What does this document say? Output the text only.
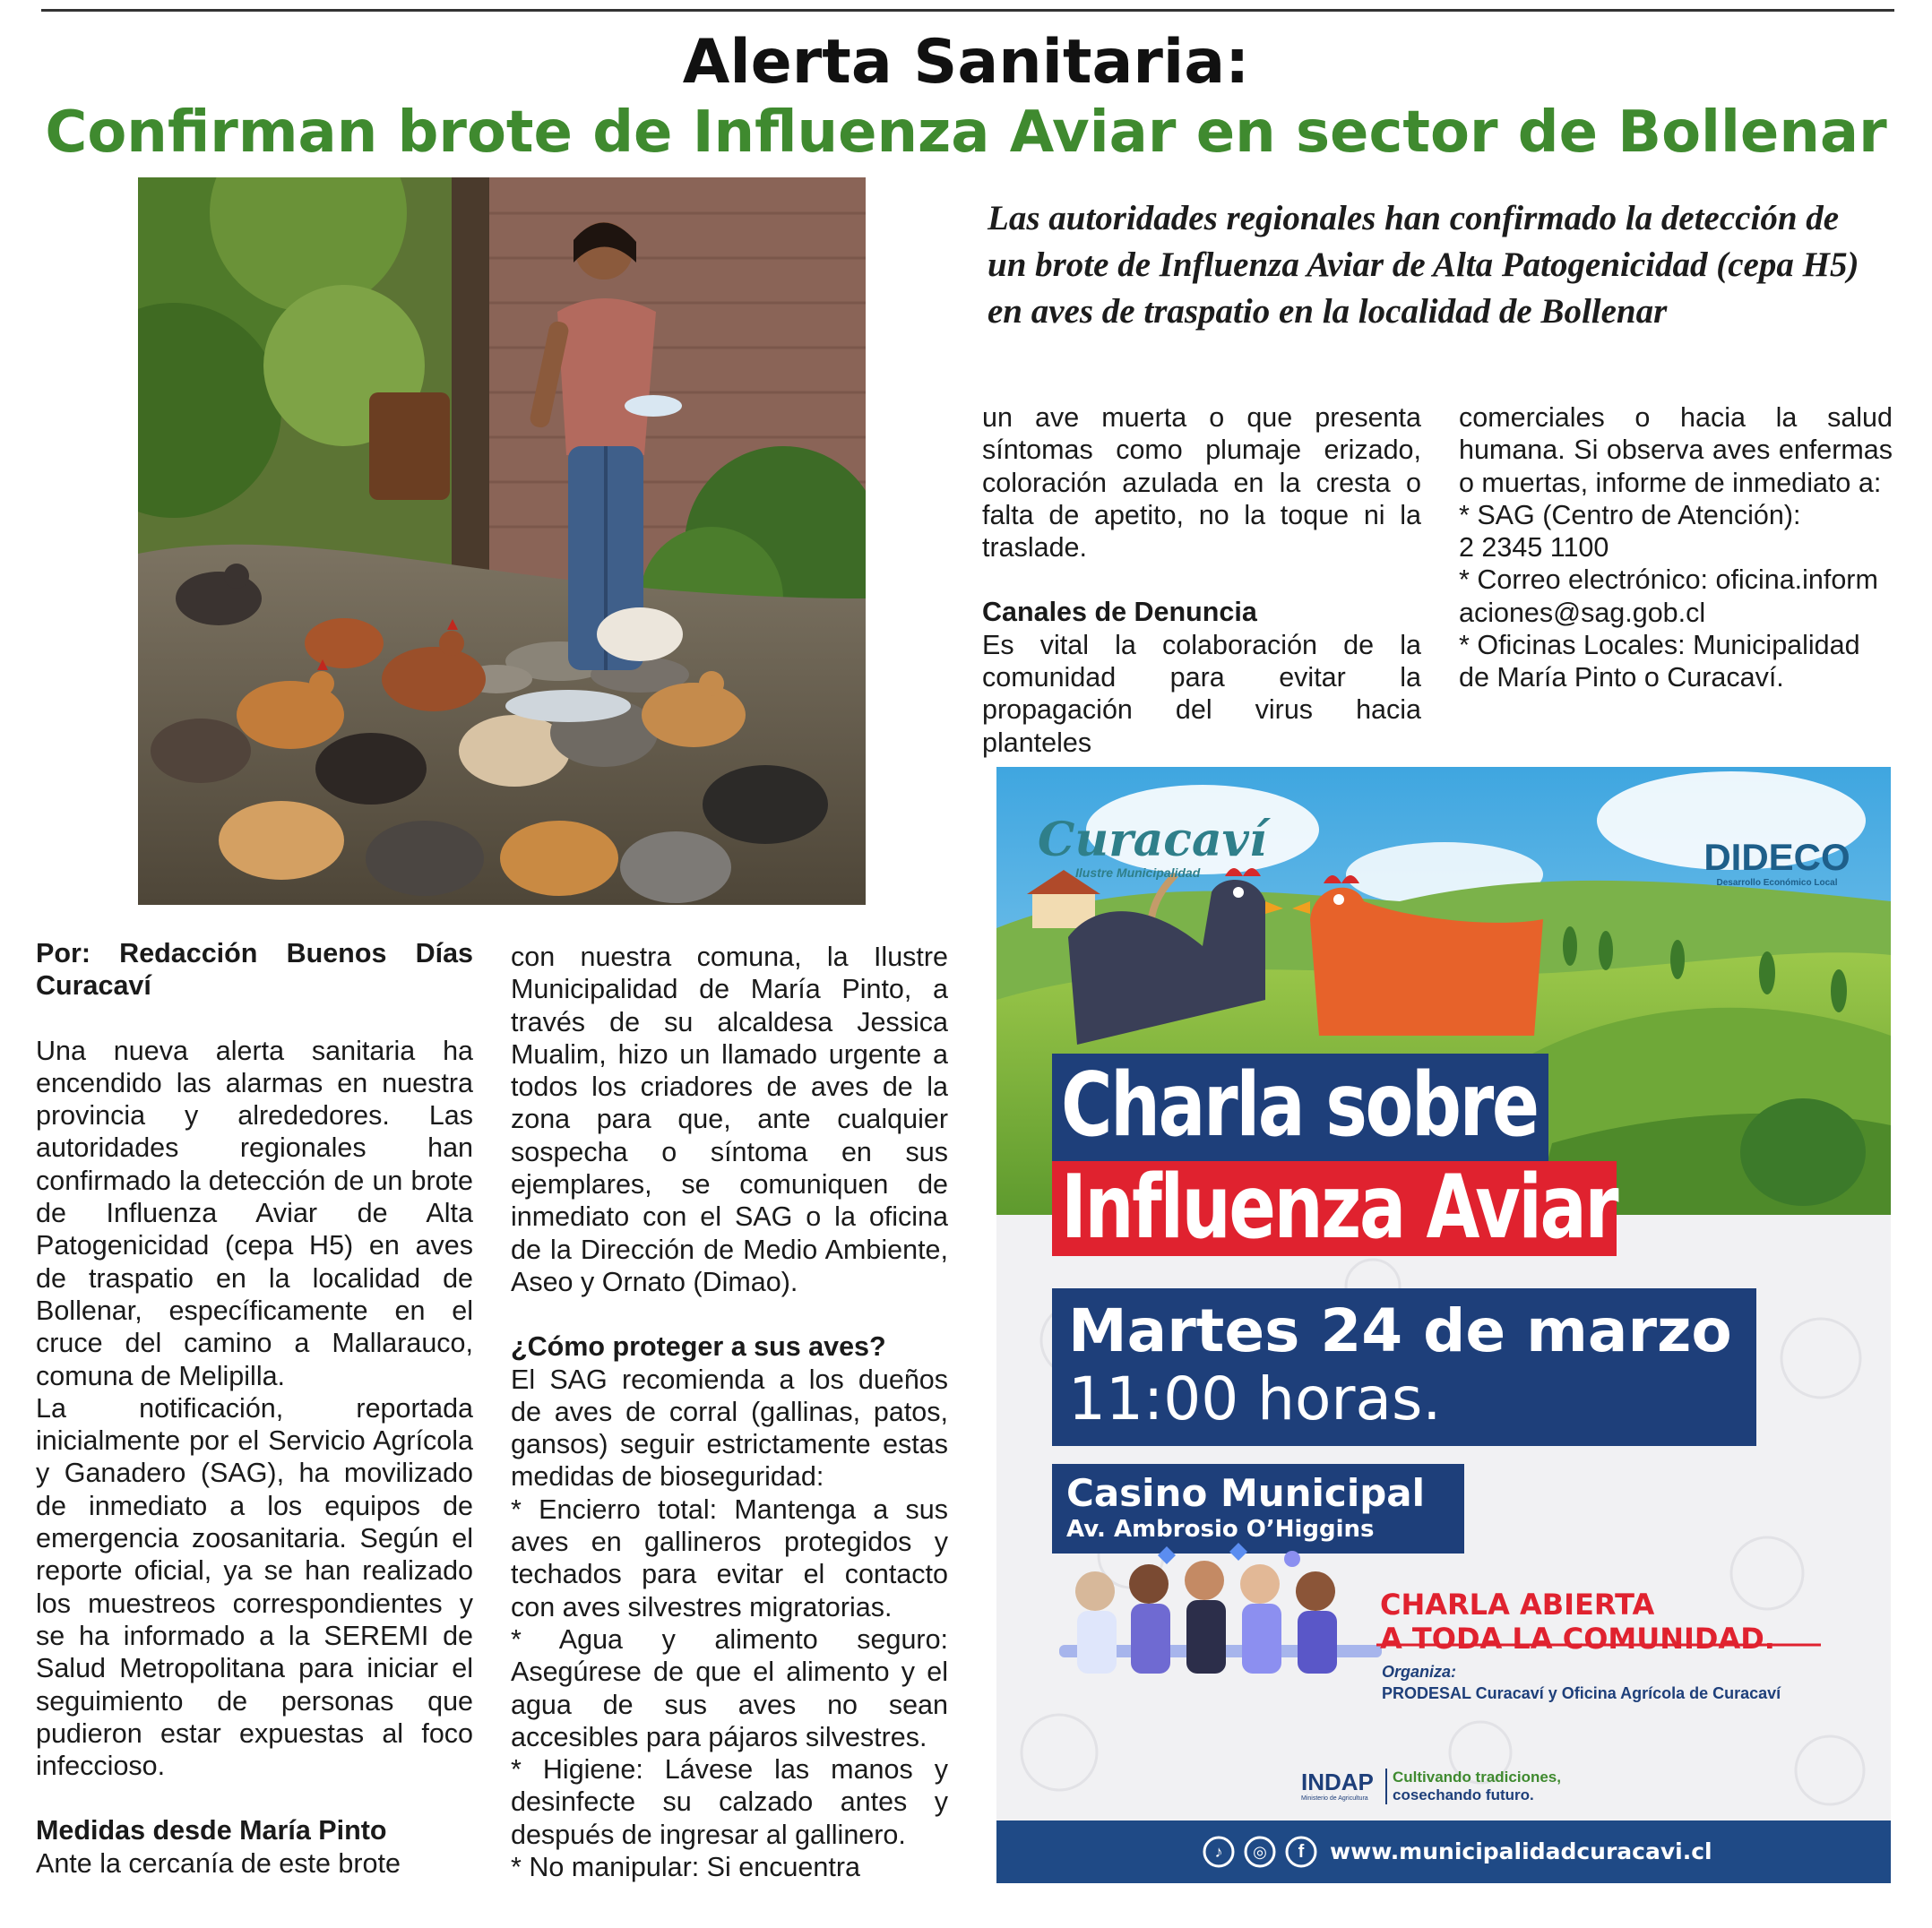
Alerta Sanitaria:
Confirman brote de Influenza Aviar en sector de Bollenar
Las autoridades regionales han confirmado la detección de un brote de Influenza Aviar de Alta Patogenicidad (cepa H5) en aves de traspatio en la localidad de Bollenar

Por: Redacción Buenos Días Curacaví

Una nueva alerta sanitaria ha encendido las alarmas en nuestra provincia y alrededores. Las autoridades regionales han confirmado la detección de un brote de Influenza Aviar de Alta Patogenicidad (cepa H5) en aves de traspatio en la localidad de Bollenar, específicamente en el cruce del camino a Mallarauco, comuna de Melipilla.

La notificación, reportada inicialmente por el Servicio Agrícola y Ganadero (SAG), ha movilizado de inmediato a los equipos de emergencia zoosanitaria. Según el reporte oficial, ya se han realizado los muestreos correspondientes y se ha informado a la SEREMI de Salud Metropolitana para iniciar el seguimiento de personas que pudieron estar expuestas al foco infeccioso.

Medidas desde María Pinto

Ante la cercanía de este brote

con nuestra comuna, la Ilustre Municipalidad de María Pinto, a través de su alcaldesa Jessica Mualim, hizo un llamado urgente a todos los criadores de aves de la zona para que, ante cualquier sospecha o síntoma en sus ejemplares, se comuniquen de inmediato con el SAG o la oficina de la Dirección de Medio Ambiente, Aseo y Ornato (Dimao).

¿Cómo proteger a sus aves?

El SAG recomienda a los dueños de aves de corral (gallinas, patos, gansos) seguir estrictamente estas medidas de bioseguridad:

* Encierro total: Mantenga a sus aves en gallineros protegidos y techados para evitar el contacto con aves silvestres migratorias.

* Agua y alimento seguro: Asegúrese de que el alimento y el agua de sus aves no sean accesibles para pájaros silvestres.

* Higiene: Lávese las manos y desinfecte su calzado antes y después de ingresar al gallinero.

* No manipular: Si encuentra

un ave muerta o que presenta síntomas como plumaje erizado, coloración azulada en la cresta o falta de apetito, no la toque ni la traslade.

Canales de Denuncia

Es vital la colaboración de la comunidad para evitar la propagación del virus hacia planteles

comerciales o hacia la salud humana. Si observa aves enfermas o muertas, informe de inmediato a:

* SAG (Centro de Atención):

2 2345 1100

* Correo electrónico: oficina.informaciones@sag.gob.cl

* Oficinas Locales: Municipalidad de María Pinto o Curacaví.

Curacaví
Ilustre Municipalidad	DIDECO
Desarrollo Económico Local
Charla sobre
Influenza Aviar
Martes 24 de marzo
11:00 horas.
Casino Municipal
Av. Ambrosio O’Higgins
CHARLA ABIERTA
A TODA LA COMUNIDAD.
Organiza:
PRODESAL Curacaví y Oficina Agrícola de Curacaví
INDAP
Ministerio de Agricultura
Cultivando tradiciones,
cosechando futuro.
♪	◎	f	www.municipalidadcuracavi.cl
